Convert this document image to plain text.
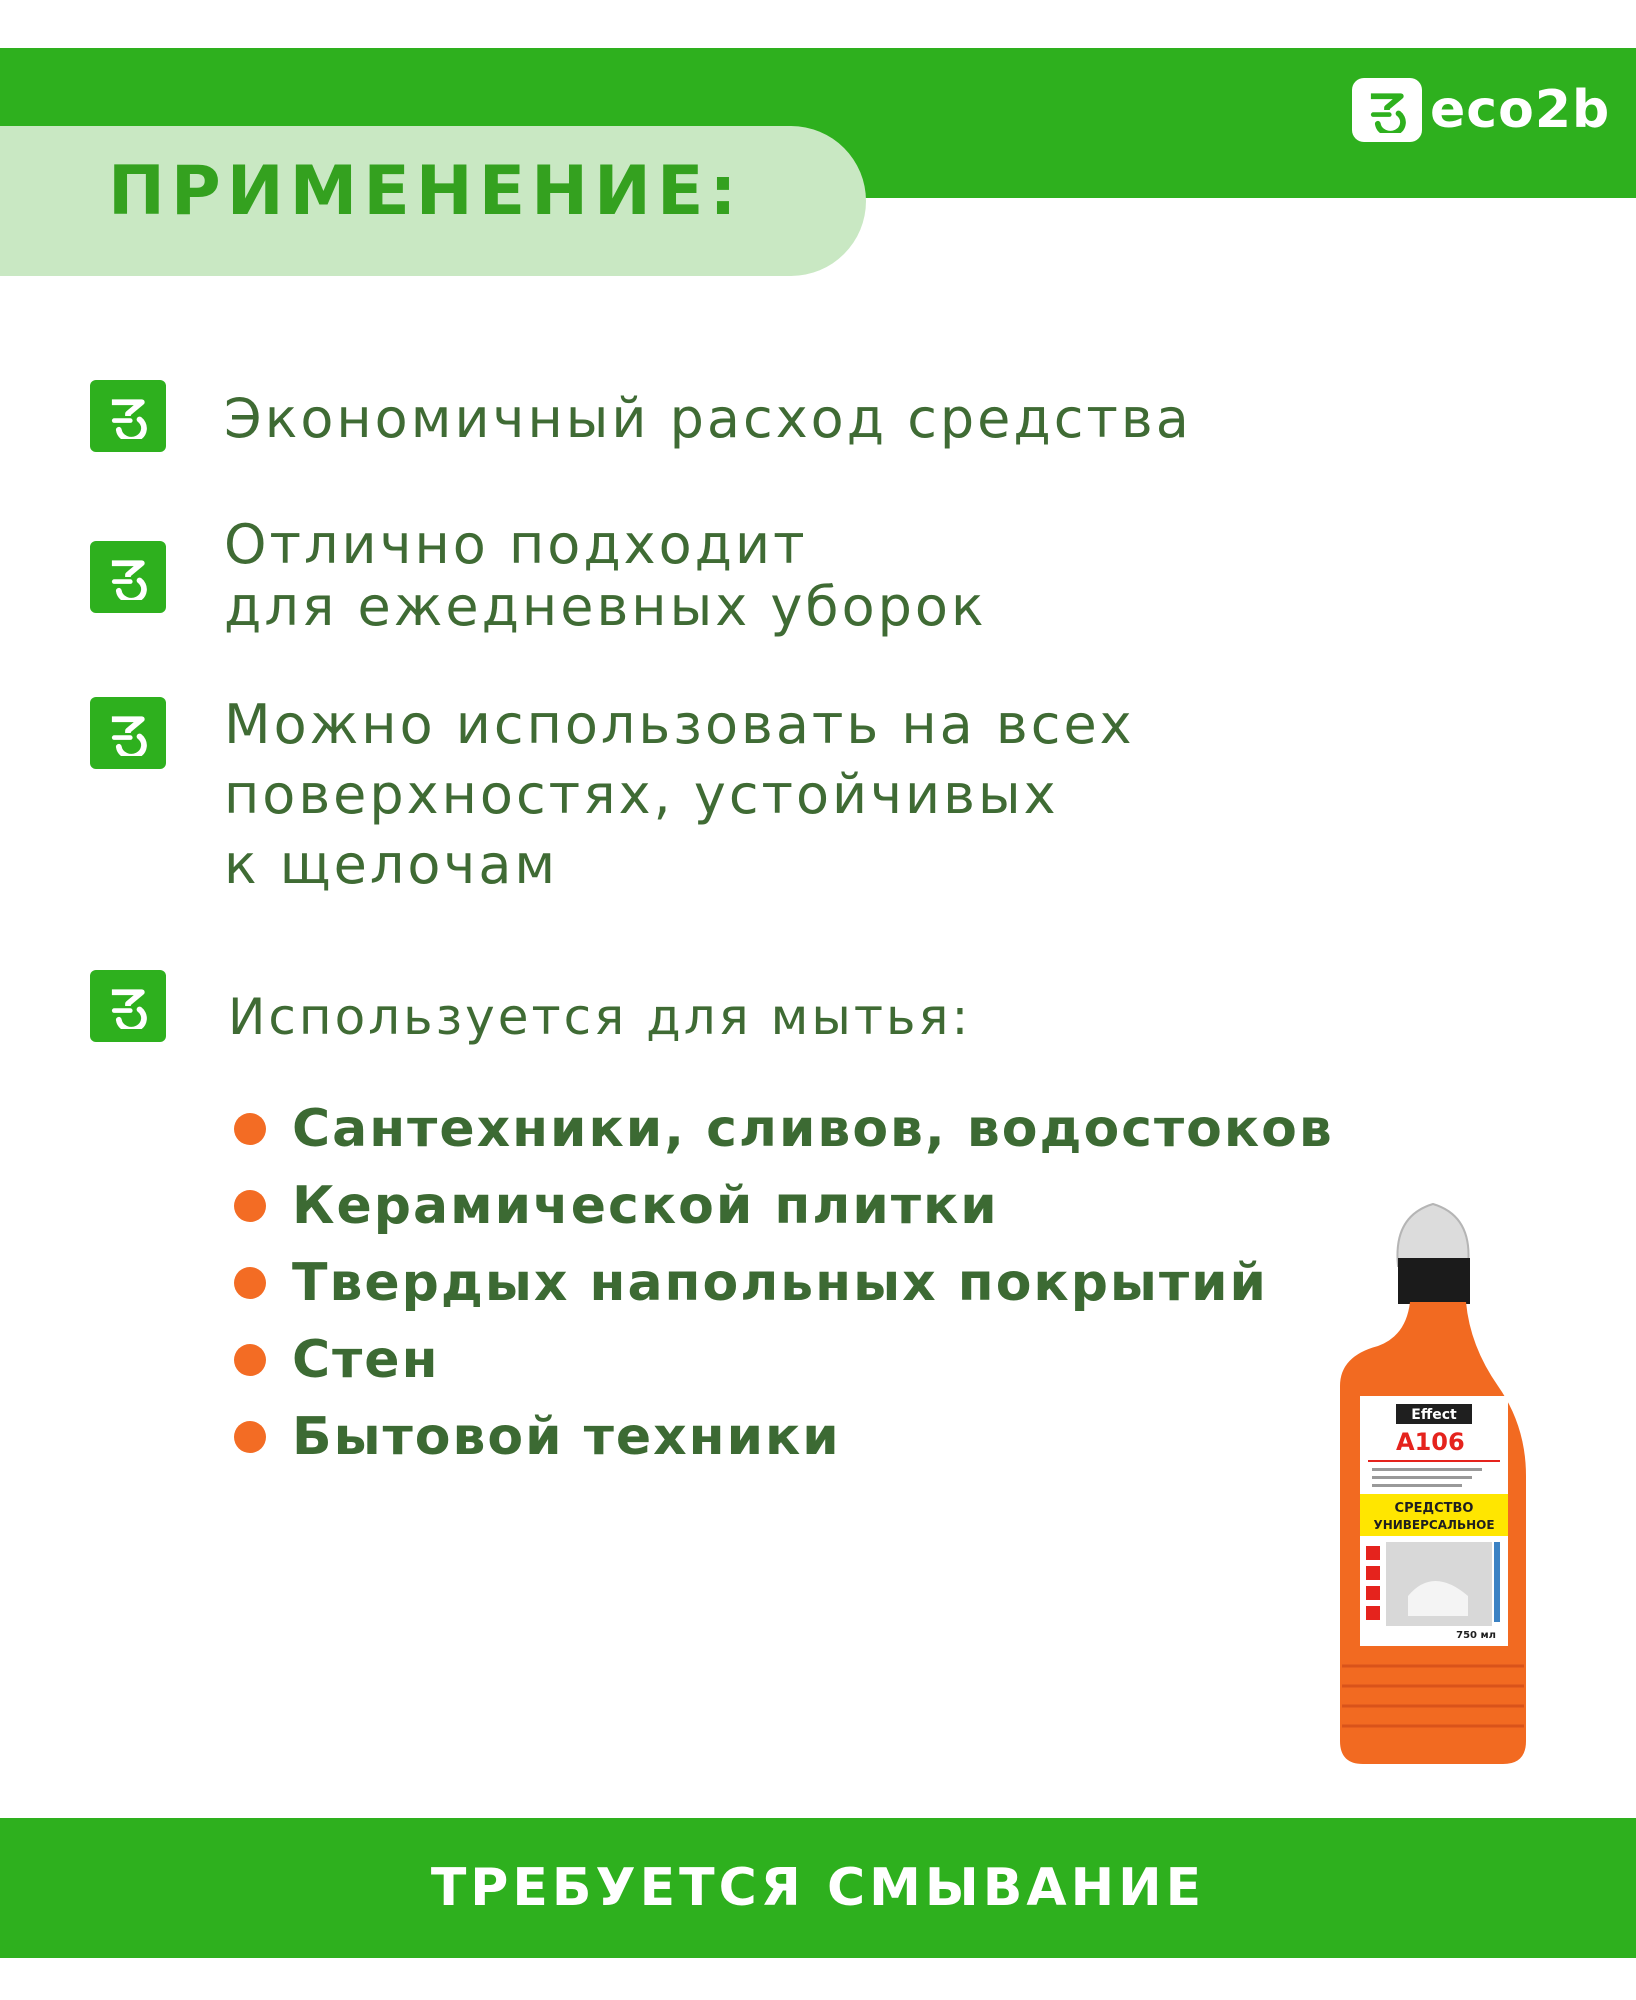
ПРИМЕНЕНИЕ:
eco2b

Экономичный расход средства

Отлично подходит
для ежедневных уборок

Можно использовать на всех
поверхностях, устойчивых
к щелочам

Используется для мытья:
Сантехники, сливов, водостоков
Керамической плитки
Твердых напольных покрытий
Стен
Бытовой техники	Effect
A106
СРЕДСТВО
УНИВЕРСАЛЬНОЕ
750 мл
ТРЕБУЕТСЯ СМЫВАНИЕ
